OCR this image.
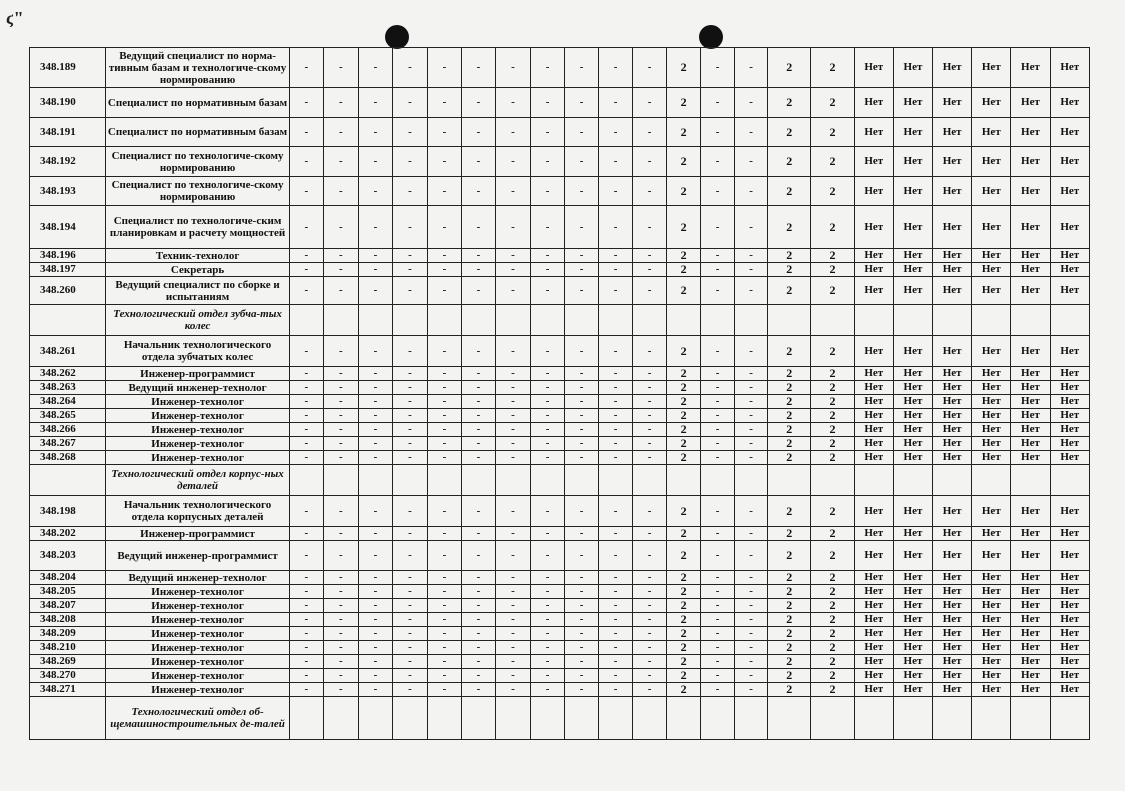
ϛ"
348.189	Ведущий специалист по норма-тивным базам и технологиче-скому нормированию	-	-	-	-	-	-	-	-	-	-	-	2	-	-	2	2	Нет	Нет	Нет	Нет	Нет	Нет
348.190	Специалист по нормативным базам	-	-	-	-	-	-	-	-	-	-	-	2	-	-	2	2	Нет	Нет	Нет	Нет	Нет	Нет
348.191	Специалист по нормативным базам	-	-	-	-	-	-	-	-	-	-	-	2	-	-	2	2	Нет	Нет	Нет	Нет	Нет	Нет
348.192	Специалист по технологиче-скому нормированию	-	-	-	-	-	-	-	-	-	-	-	2	-	-	2	2	Нет	Нет	Нет	Нет	Нет	Нет
348.193	Специалист по технологиче-скому нормированию	-	-	-	-	-	-	-	-	-	-	-	2	-	-	2	2	Нет	Нет	Нет	Нет	Нет	Нет
348.194	Специалист по технологиче-ским планировкам и расчету мощностей	-	-	-	-	-	-	-	-	-	-	-	2	-	-	2	2	Нет	Нет	Нет	Нет	Нет	Нет
348.196	Техник-технолог	-	-	-	-	-	-	-	-	-	-	-	2	-	-	2	2	Нет	Нет	Нет	Нет	Нет	Нет
348.197	Секретарь	-	-	-	-	-	-	-	-	-	-	-	2	-	-	2	2	Нет	Нет	Нет	Нет	Нет	Нет
348.260	Ведущий специалист по сборке и испытаниям	-	-	-	-	-	-	-	-	-	-	-	2	-	-	2	2	Нет	Нет	Нет	Нет	Нет	Нет
	Технологический отдел зубча-тых колес																						
348.261	Начальник технологического отдела зубчатых колес	-	-	-	-	-	-	-	-	-	-	-	2	-	-	2	2	Нет	Нет	Нет	Нет	Нет	Нет
348.262	Инженер-программист	-	-	-	-	-	-	-	-	-	-	-	2	-	-	2	2	Нет	Нет	Нет	Нет	Нет	Нет
348.263	Ведущий инженер-технолог	-	-	-	-	-	-	-	-	-	-	-	2	-	-	2	2	Нет	Нет	Нет	Нет	Нет	Нет
348.264	Инженер-технолог	-	-	-	-	-	-	-	-	-	-	-	2	-	-	2	2	Нет	Нет	Нет	Нет	Нет	Нет
348.265	Инженер-технолог	-	-	-	-	-	-	-	-	-	-	-	2	-	-	2	2	Нет	Нет	Нет	Нет	Нет	Нет
348.266	Инженер-технолог	-	-	-	-	-	-	-	-	-	-	-	2	-	-	2	2	Нет	Нет	Нет	Нет	Нет	Нет
348.267	Инженер-технолог	-	-	-	-	-	-	-	-	-	-	-	2	-	-	2	2	Нет	Нет	Нет	Нет	Нет	Нет
348.268	Инженер-технолог	-	-	-	-	-	-	-	-	-	-	-	2	-	-	2	2	Нет	Нет	Нет	Нет	Нет	Нет
	Технологический отдел корпус-ных деталей																						
348.198	Начальник технологического отдела корпусных деталей	-	-	-	-	-	-	-	-	-	-	-	2	-	-	2	2	Нет	Нет	Нет	Нет	Нет	Нет
348.202	Инженер-программист	-	-	-	-	-	-	-	-	-	-	-	2	-	-	2	2	Нет	Нет	Нет	Нет	Нет	Нет
348.203	Ведущий инженер-программист	-	-	-	-	-	-	-	-	-	-	-	2	-	-	2	2	Нет	Нет	Нет	Нет	Нет	Нет
348.204	Ведущий инженер-технолог	-	-	-	-	-	-	-	-	-	-	-	2	-	-	2	2	Нет	Нет	Нет	Нет	Нет	Нет
348.205	Инженер-технолог	-	-	-	-	-	-	-	-	-	-	-	2	-	-	2	2	Нет	Нет	Нет	Нет	Нет	Нет
348.207	Инженер-технолог	-	-	-	-	-	-	-	-	-	-	-	2	-	-	2	2	Нет	Нет	Нет	Нет	Нет	Нет
348.208	Инженер-технолог	-	-	-	-	-	-	-	-	-	-	-	2	-	-	2	2	Нет	Нет	Нет	Нет	Нет	Нет
348.209	Инженер-технолог	-	-	-	-	-	-	-	-	-	-	-	2	-	-	2	2	Нет	Нет	Нет	Нет	Нет	Нет
348.210	Инженер-технолог	-	-	-	-	-	-	-	-	-	-	-	2	-	-	2	2	Нет	Нет	Нет	Нет	Нет	Нет
348.269	Инженер-технолог	-	-	-	-	-	-	-	-	-	-	-	2	-	-	2	2	Нет	Нет	Нет	Нет	Нет	Нет
348.270	Инженер-технолог	-	-	-	-	-	-	-	-	-	-	-	2	-	-	2	2	Нет	Нет	Нет	Нет	Нет	Нет
348.271	Инженер-технолог	-	-	-	-	-	-	-	-	-	-	-	2	-	-	2	2	Нет	Нет	Нет	Нет	Нет	Нет
	Технологический отдел об-щемашиностроительных де-талей																						
